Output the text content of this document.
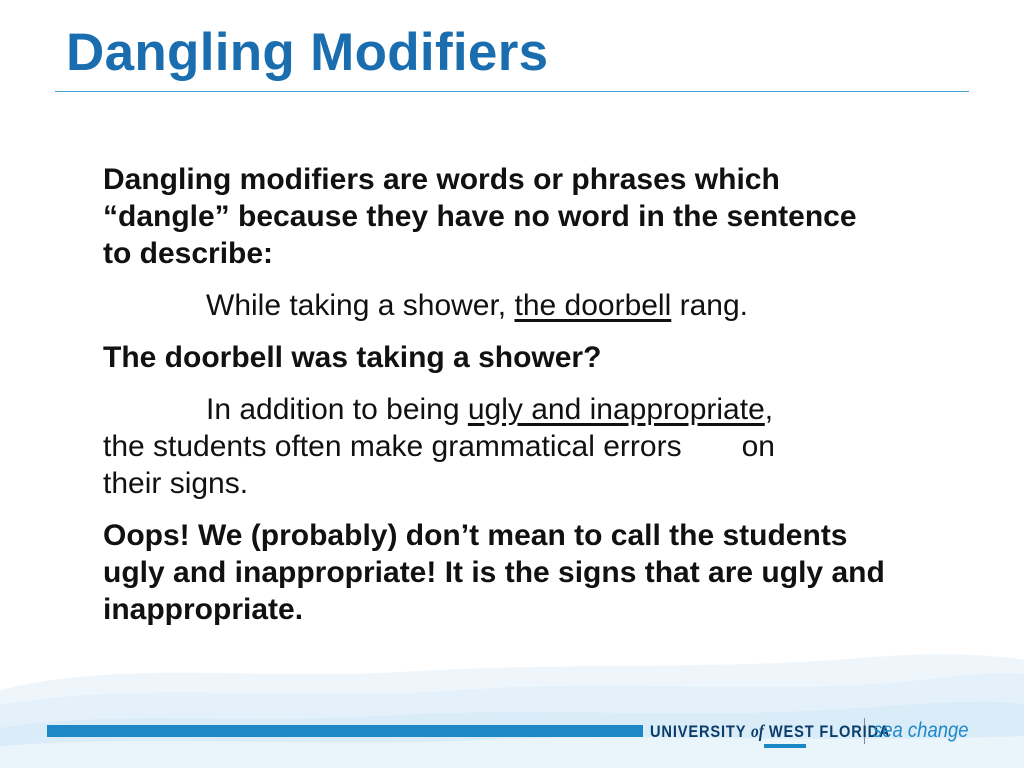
Dangling Modifiers

Dangling modifiers are words or phrases which “dangle” because they have no word in the sentence to describe:

While taking a shower, the doorbell rang.

The doorbell was taking a shower?

In addition to being ugly and inappropriate,
the students often make grammatical errors on
their signs.

Oops! We (probably) don’t mean to call the students ugly and inappropriate! It is the signs that are ugly and inappropriate.

UNIVERSITY of WEST FLORIDA
sea change
